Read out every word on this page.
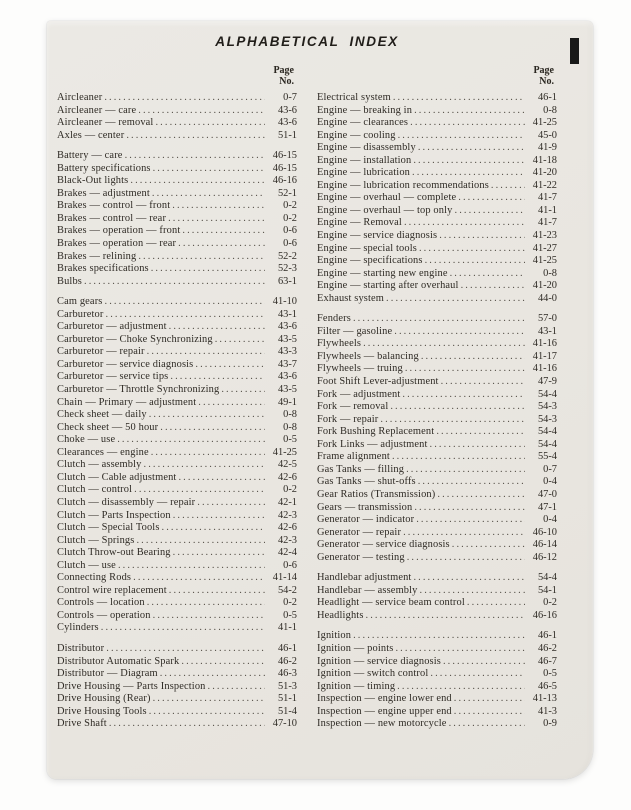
ALPHABETICAL INDEX
Page
No.
Aircleaner .....	0-7
Aircleaner — care .....	43-6
Aircleaner — removal .....	43-6
Axles — center .....	51-1
Battery — care .....	46-15
Battery specifications .....	46-15
Black-Out lights .....	46-16
Brakes — adjustment .....	52-1
Brakes — control — front .....	0-2
Brakes — control — rear .....	0-2
Brakes — operation — front .....	0-6
Brakes — operation — rear .....	0-6
Brakes — relining .....	52-2
Brakes specifications .....	52-3
Bulbs .....	63-1
Cam gears .....	41-10
Carburetor .....	43-1
Carburetor — adjustment .....	43-6
Carburetor — Choke Synchronizing .....	43-5
Carburetor — repair .....	43-3
Carburetor — service diagnosis .....	43-7
Carburetor — service tips .....	43-6
Carburetor — Throttle Synchronizing .....	43-5
Chain — Primary — adjustment .....	49-1
Check sheet — daily .....	0-8
Check sheet — 50 hour .....	0-8
Choke — use .....	0-5
Clearances — engine .....	41-25
Clutch — assembly .....	42-5
Clutch — Cable adjustment .....	42-6
Clutch — control .....	0-2
Clutch — disassembly — repair .....	42-1
Clutch — Parts Inspection .....	42-3
Clutch — Special Tools .....	42-6
Clutch — Springs .....	42-3
Clutch Throw-out Bearing .....	42-4
Clutch — use .....	0-6
Connecting Rods .....	41-14
Control wire replacement .....	54-2
Controls — location .....	0-2
Controls — operation .....	0-5
Cylinders .....	41-1
Distributor .....	46-1
Distributor Automatic Spark .....	46-2
Distributor — Diagram .....	46-3
Drive Housing — Parts Inspection .....	51-3
Drive Housing (Rear) .....	51-1
Drive Housing Tools .....	51-4
Drive Shaft .....	47-10
Page
No.
Electrical system .....	46-1
Engine — breaking in .....	0-8
Engine — clearances .....	41-25
Engine — cooling .....	45-0
Engine — disassembly .....	41-9
Engine — installation .....	41-18
Engine — lubrication .....	41-20
Engine — lubrication recommendations .....	41-22
Engine — overhaul — complete .....	41-7
Engine — overhaul — top only .....	41-1
Engine — Removal .....	41-7
Engine — service diagnosis .....	41-23
Engine — special tools .....	41-27
Engine — specifications .....	41-25
Engine — starting new engine .....	0-8
Engine — starting after overhaul .....	41-20
Exhaust system .....	44-0
Fenders .....	57-0
Filter — gasoline .....	43-1
Flywheels .....	41-16
Flywheels — balancing .....	41-17
Flywheels — truing .....	41-16
Foot Shift Lever-adjustment .....	47-9
Fork — adjustment .....	54-4
Fork — removal .....	54-3
Fork — repair .....	54-3
Fork Bushing Replacement .....	54-4
Fork Links — adjustment .....	54-4
Frame alignment .....	55-4
Gas Tanks — filling .....	0-7
Gas Tanks — shut-offs .....	0-4
Gear Ratios (Transmission) .....	47-0
Gears — transmission .....	47-1
Generator — indicator .....	0-4
Generator — repair .....	46-10
Generator — service diagnosis .....	46-14
Generator — testing .....	46-12
Handlebar adjustment .....	54-4
Handlebar — assembly .....	54-1
Headlight — service beam control .....	0-2
Headlights .....	46-16
Ignition .....	46-1
Ignition — points .....	46-2
Ignition — service diagnosis .....	46-7
Ignition — switch control .....	0-5
Ignition — timing .....	46-5
Inspection — engine lower end .....	41-13
Inspection — engine upper end .....	41-3
Inspection — new motorcycle .....	0-9
